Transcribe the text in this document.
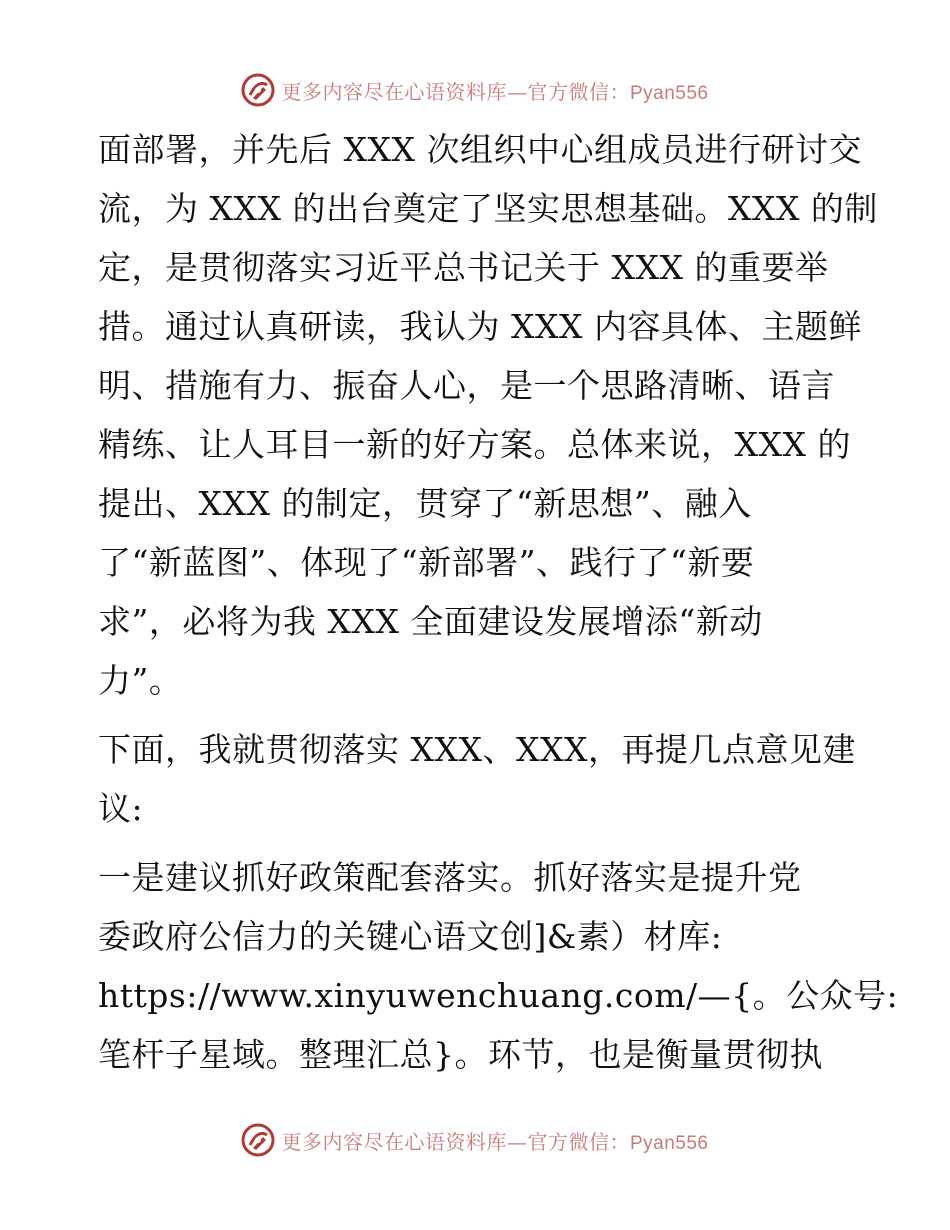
更多内容尽在心语资料库—官方微信：Pyan556
面部署，并先后 XXX 次组织中心组成员进行研讨交
流，为 XXX 的出台奠定了坚实思想基础。XXX 的制
定，是贯彻落实习近平总书记关于 XXX 的重要举
措。通过认真研读，我认为 XXX 内容具体、主题鲜
明、措施有力、振奋人心，是一个思路清晰、语言
精练、让人耳目一新的好方案。总体来说，XXX 的
提出、XXX 的制定，贯穿了“新思想”、融入
了“新蓝图”、体现了“新部署”、践行了“新要
求”，必将为我 XXX 全面建设发展增添“新动
力”。
下面，我就贯彻落实 XXX、XXX，再提几点意见建
议:
一是建议抓好政策配套落实。抓好落实是提升党
委政府公信力的关键心语文创]&素）材库:
https://www.xinyuwenchuang.com/—{。公众号:
笔杆子星域。整理汇总}。环节，也是衡量贯彻执
更多内容尽在心语资料库—官方微信：Pyan556
